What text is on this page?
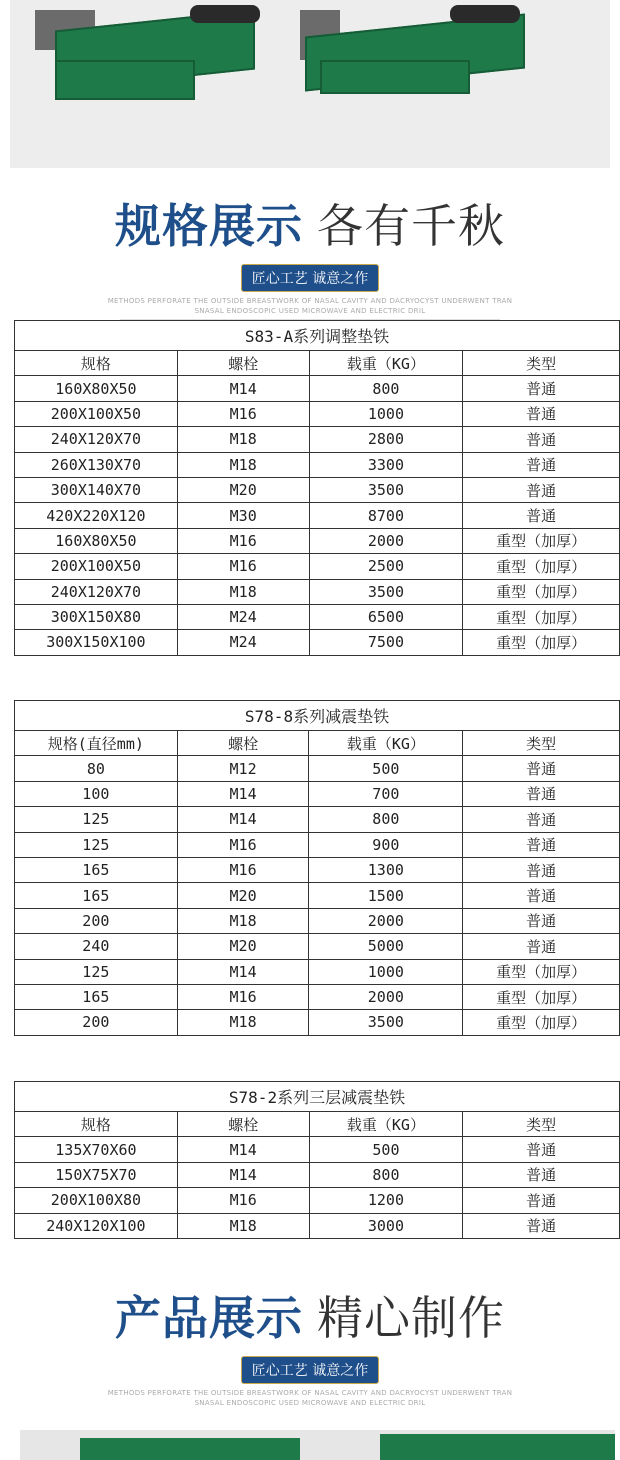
规格展示 各有千秋
匠心工艺 诚意之作
METHODS PERFORATE THE OUTSIDE BREASTWORK OF NASAL CAVITY AND DACRYOCYST UNDERWENT TRAN
SNASAL ENDOSCOPIC USED MICROWAVE AND ELECTRIC DRIL
S83-A系列调整垫铁			
规格	螺栓	载重（KG）	类型
160X80X50	M14	800	普通
200X100X50	M16	1000	普通
240X120X70	M18	2800	普通
260X130X70	M18	3300	普通
300X140X70	M20	3500	普通
420X220X120	M30	8700	普通
160X80X50	M16	2000	重型（加厚）
200X100X50	M16	2500	重型（加厚）
240X120X70	M18	3500	重型（加厚）
300X150X80	M24	6500	重型（加厚）
300X150X100	M24	7500	重型（加厚）
S78-8系列减震垫铁			
规格(直径mm)	螺栓	载重（KG）	类型
80	M12	500	普通
100	M14	700	普通
125	M14	800	普通
125	M16	900	普通
165	M16	1300	普通
165	M20	1500	普通
200	M18	2000	普通
240	M20	5000	普通
125	M14	1000	重型（加厚）
165	M16	2000	重型（加厚）
200	M18	3500	重型（加厚）
S78-2系列三层减震垫铁			
规格	螺栓	载重（KG）	类型
135X70X60	M14	500	普通
150X75X70	M14	800	普通
200X100X80	M16	1200	普通
240X120X100	M18	3000	普通
产品展示 精心制作
匠心工艺 诚意之作
METHODS PERFORATE THE OUTSIDE BREASTWORK OF NASAL CAVITY AND DACRYOCYST UNDERWENT TRAN
SNASAL ENDOSCOPIC USED MICROWAVE AND ELECTRIC DRIL
